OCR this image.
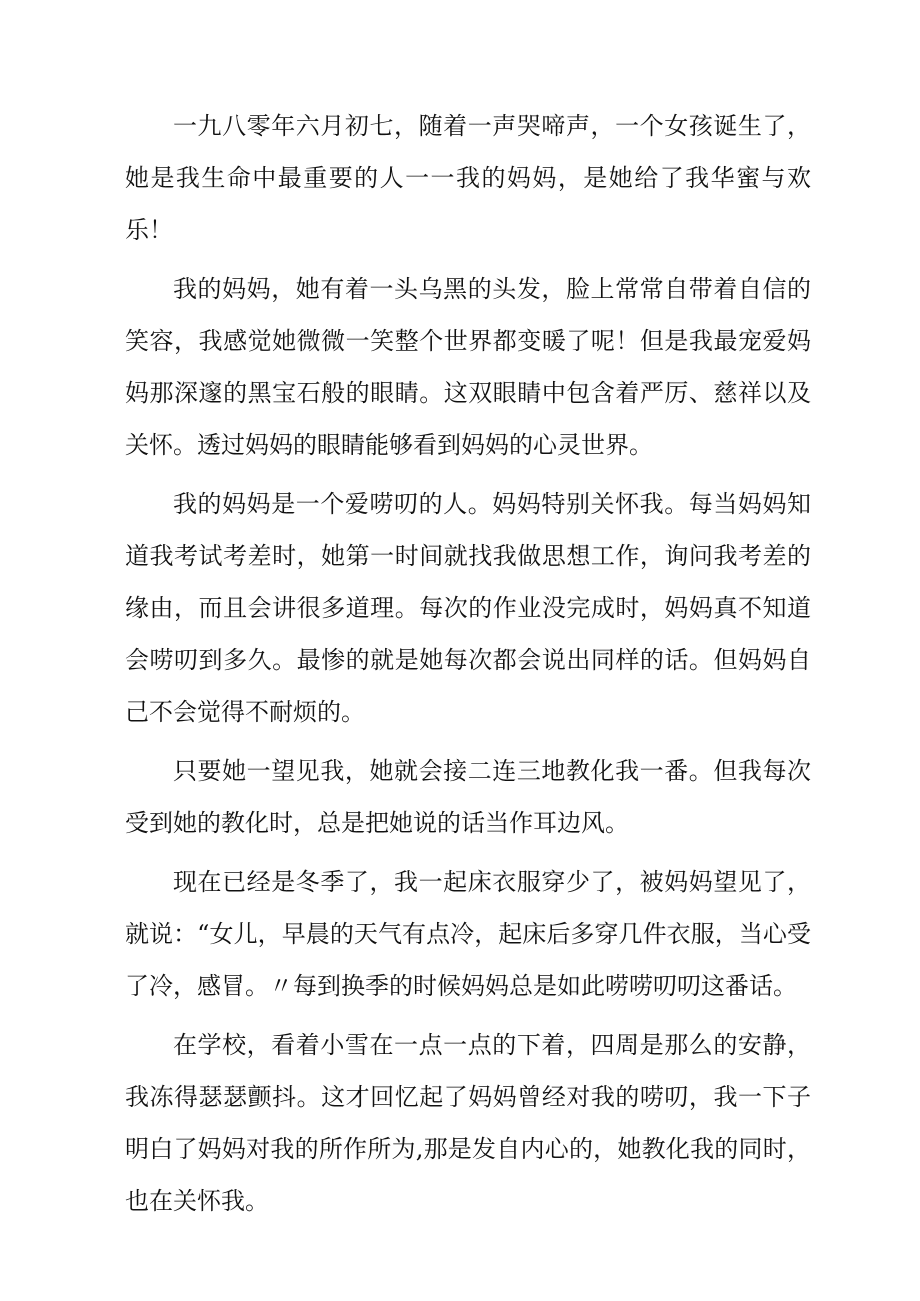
一九八零年六月初七，随着一声哭啼声，一个女孩诞生了，她是我生命中最重要的人一一我的妈妈，是她给了我华蜜与欢乐！

我的妈妈，她有着一头乌黑的头发，脸上常常自带着自信的笑容，我感觉她微微一笑整个世界都变暖了呢！但是我最宠爱妈妈那深邃的黑宝石般的眼睛。这双眼睛中包含着严厉、慈祥以及关怀。透过妈妈的眼睛能够看到妈妈的心灵世界。

我的妈妈是一个爱唠叨的人。妈妈特别关怀我。每当妈妈知道我考试考差时，她第一时间就找我做思想工作，询问我考差的缘由，而且会讲很多道理。每次的作业没完成时，妈妈真不知道会唠叨到多久。最惨的就是她每次都会说出同样的话。但妈妈自己不会觉得不耐烦的。

只要她一望见我，她就会接二连三地教化我一番。但我每次受到她的教化时，总是把她说的话当作耳边风。

现在已经是冬季了，我一起床衣服穿少了，被妈妈望见了，就说：“女儿，早晨的天气有点冷，起床后多穿几件衣服，当心受了冷，感冒。〃每到换季的时候妈妈总是如此唠唠叨叨这番话。

在学校，看着小雪在一点一点的下着，四周是那么的安静，我冻得瑟瑟颤抖。这才回忆起了妈妈曾经对我的唠叨，我一下子明白了妈妈对我的所作所为,那是发自内心的，她教化我的同时，也在关怀我。
